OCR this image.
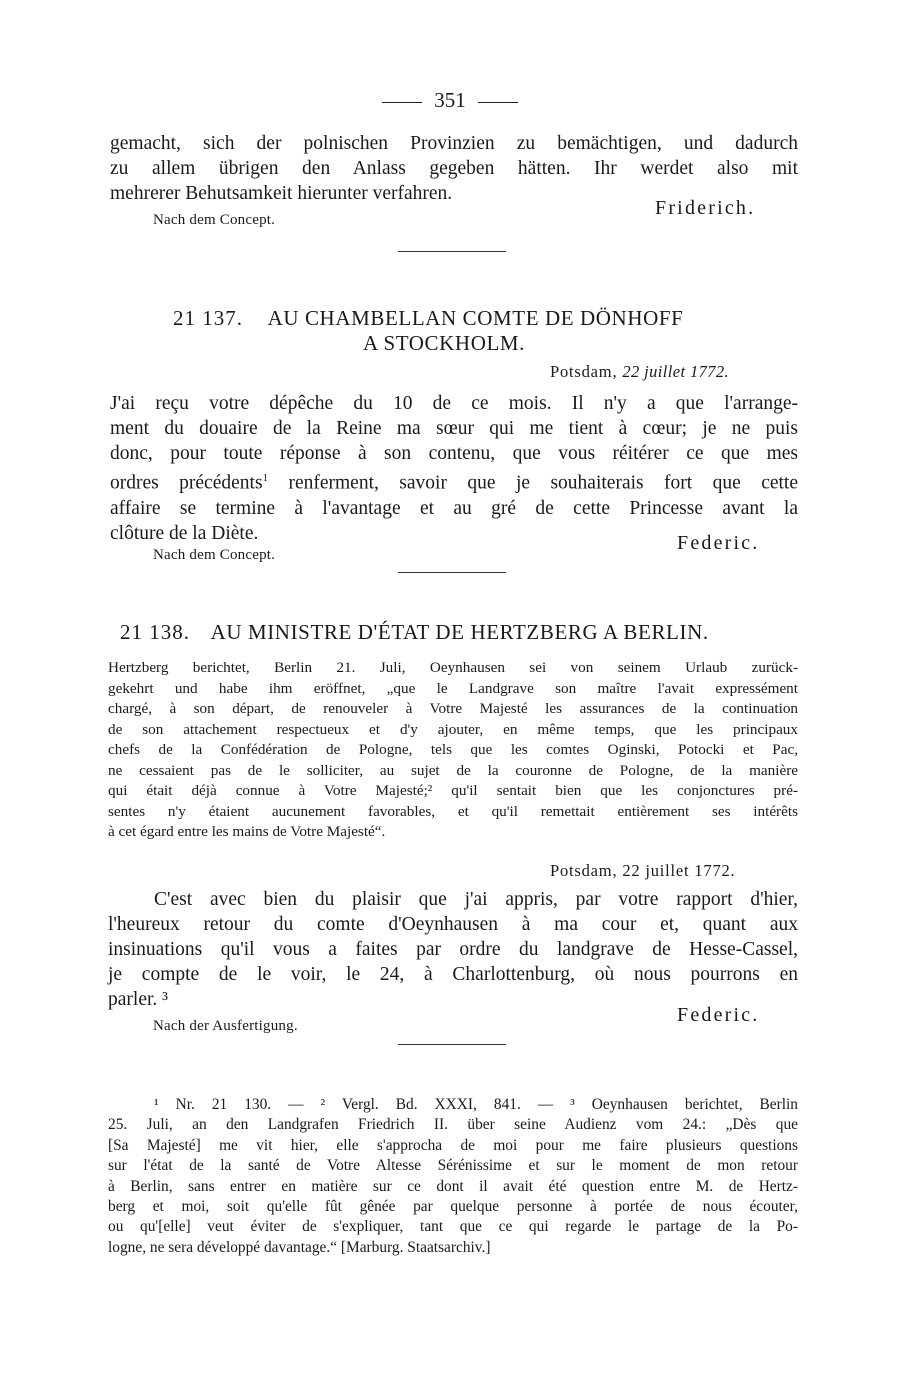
351
gemacht, sich der polnischen Provinzien zu bemächtigen, und dadurch
zu allem übrigen den Anlass gegeben hätten. Ihr werdet also mit
mehrerer Behutsamkeit hierunter verfahren.
Friderich.
Nach dem Concept.
21 137. AU CHAMBELLAN COMTE DE DÖNHOFF
A STOCKHOLM.
Potsdam, 22 juillet 1772.
J'ai reçu votre dépêche du 10 de ce mois. Il n'y a que l'arrange-
ment du douaire de la Reine ma sœur qui me tient à cœur; je ne puis
donc, pour toute réponse à son contenu, que vous réitérer ce que mes
ordres précédents$^1$ renferment, savoir que je souhaiterais fort que cette
affaire se termine à l'avantage et au gré de cette Princesse avant la
clôture de la Diète.	Federic.
Nach dem Concept.
21 138. AU MINISTRE D'ÉTAT DE HERTZBERG A BERLIN.
Hertzberg berichtet, Berlin 21. Juli, Oeynhausen sei von seinem Urlaub zurück-
gekehrt und habe ihm eröffnet, „que le Landgrave son maître l'avait expressément
chargé, à son départ, de renouveler à Votre Majesté les assurances de la continuation
de son attachement respectueux et d'y ajouter, en même temps, que les principaux
chefs de la Confédération de Pologne, tels que les comtes Oginski, Potocki et Pac,
ne cessaient pas de le solliciter, au sujet de la couronne de Pologne, de la manière
qui était déjà connue à Votre Majesté;² qu'il sentait bien que les conjonctures pré-
sentes n'y étaient aucunement favorables, et qu'il remettait entièrement ses intérêts
à cet égard entre les mains de Votre Majesté“.
Potsdam, 22 juillet 1772.
C'est avec bien du plaisir que j'ai appris, par votre rapport d'hier,
l'heureux retour du comte d'Oeynhausen à ma cour et, quant aux
insinuations qu'il vous a faites par ordre du landgrave de Hesse-Cassel,
je compte de le voir, le 24, à Charlottenburg, où nous pourrons en
parler. ³
Federic.
Nach der Ausfertigung.
¹ Nr. 21 130. — ² Vergl. Bd. XXXI, 841. — ³ Oeynhausen berichtet, Berlin
25. Juli, an den Landgrafen Friedrich II. über seine Audienz vom 24.: „Dès que
[Sa Majesté] me vit hier, elle s'approcha de moi pour me faire plusieurs questions
sur l'état de la santé de Votre Altesse Sérénissime et sur le moment de mon retour
à Berlin, sans entrer en matière sur ce dont il avait été question entre M. de Hertz-
berg et moi, soit qu'elle fût gênée par quelque personne à portée de nous écouter,
ou qu'[elle] veut éviter de s'expliquer, tant que ce qui regarde le partage de la Po-
logne, ne sera développé davantage.“ [Marburg. Staatsarchiv.]
